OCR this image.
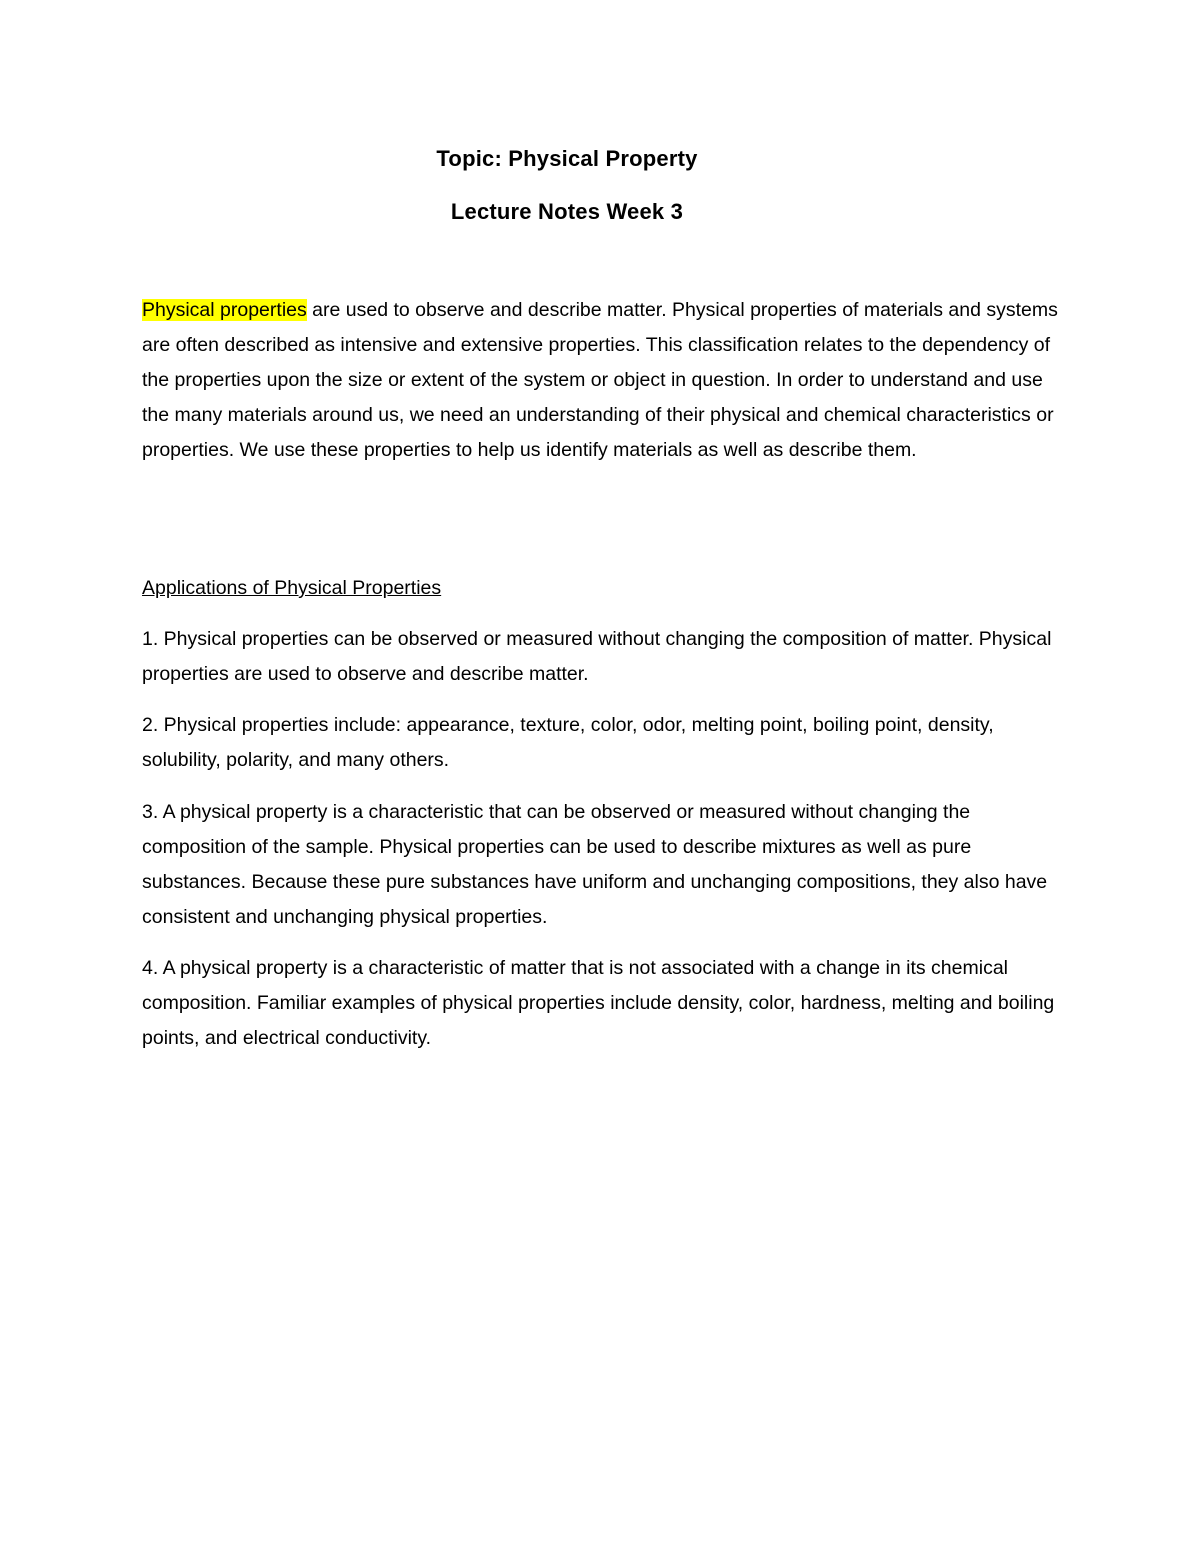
Topic: Physical Property
Lecture Notes Week 3
Physical properties are used to observe and describe matter. Physical properties of materials and systems are often described as intensive and extensive properties. This classification relates to the dependency of the properties upon the size or extent of the system or object in question. In order to understand and use the many materials around us, we need an understanding of their physical and chemical characteristics or properties. We use these properties to help us identify materials as well as describe them.
Applications of Physical Properties
1. Physical properties can be observed or measured without changing the composition of matter. Physical properties are used to observe and describe matter.
2. Physical properties include: appearance, texture, color, odor, melting point, boiling point, density, solubility, polarity, and many others.
3. A physical property is a characteristic that can be observed or measured without changing the composition of the sample. Physical properties can be used to describe mixtures as well as pure substances. Because these pure substances have uniform and unchanging compositions, they also have consistent and unchanging physical properties.
4. A physical property is a characteristic of matter that is not associated with a change in its chemical composition. Familiar examples of physical properties include density, color, hardness, melting and boiling points, and electrical conductivity.
